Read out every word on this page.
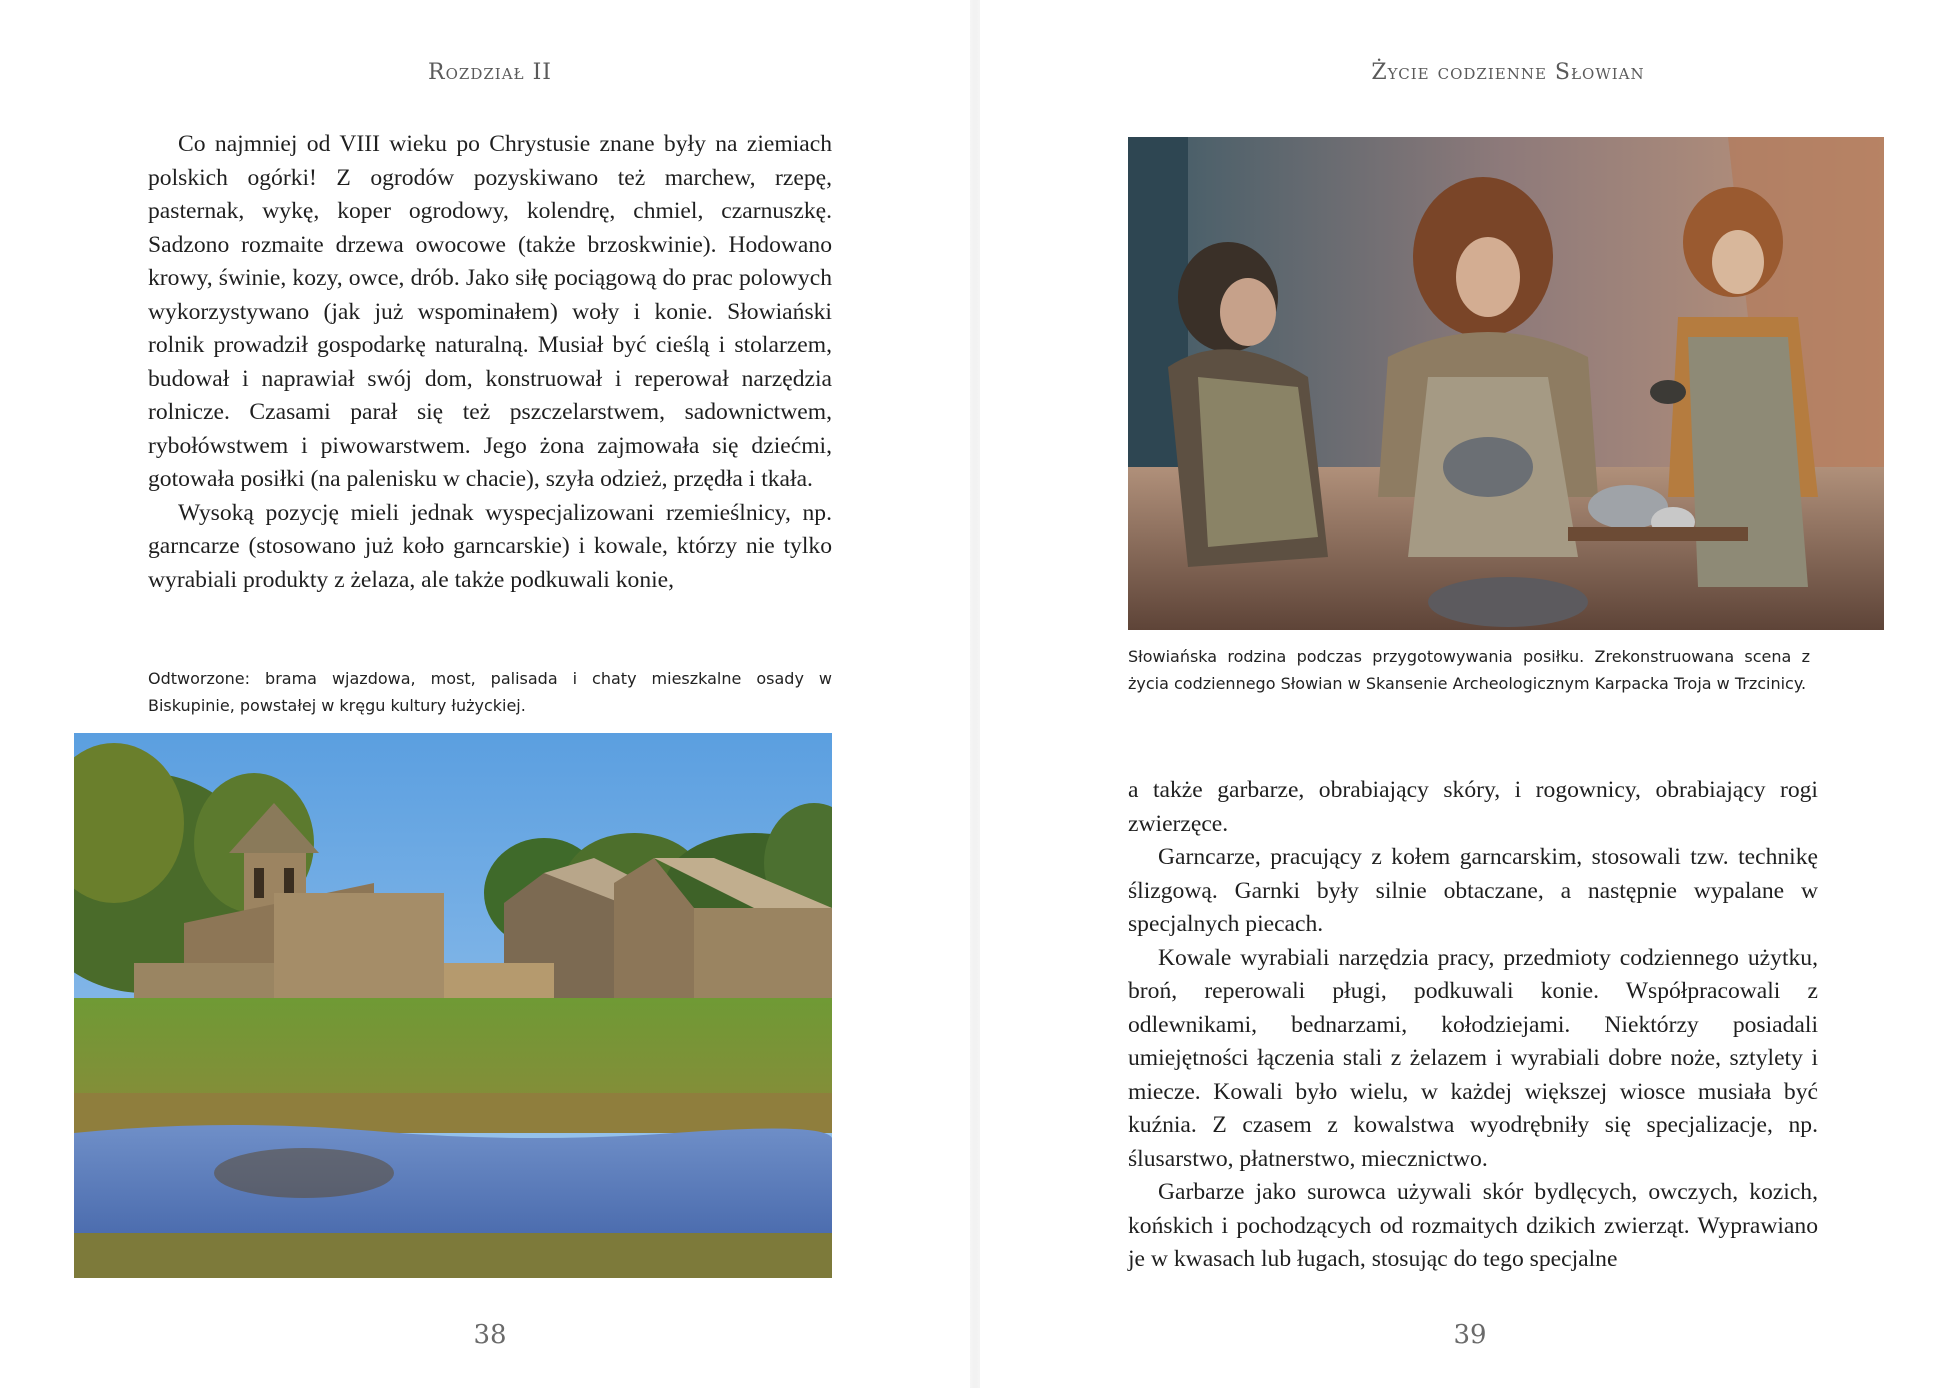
Rozdział II

Co najmniej od VIII wieku po Chrystusie znane były na ziemiach polskich ogórki! Z ogrodów pozyskiwano też marchew, rzepę, pasternak, wykę, koper ogrodowy, kolendrę, chmiel, czarnuszkę. Sadzono rozmaite drzewa owocowe (także brzoskwinie). Hodowano krowy, świnie, kozy, owce, drób. Jako siłę pociągową do prac polowych wykorzystywano (jak już wspominałem) woły i konie. Słowiański rolnik prowadził gospodarkę naturalną. Musiał być cieślą i stolarzem, budował i naprawiał swój dom, konstruował i reperował narzędzia rolnicze. Czasami parał się też pszczelarstwem, sadownictwem, rybołówstwem i piwowarstwem. Jego żona zajmowała się dziećmi, gotowała posiłki (na palenisku w chacie), szyła odzież, przędła i tkała.

Wysoką pozycję mieli jednak wyspecjalizowani rzemieślnicy, np. garncarze (stosowano już koło garncarskie) i kowale, którzy nie tylko wyrabiali produkty z żelaza, ale także podkuwali konie,

Odtworzone: brama wjazdowa, most, palisada i chaty mieszkalne osady w Biskupinie, powstałej w kręgu kultury łużyckiej.
38
Życie codzienne Słowian
Słowiańska rodzina podczas przygotowywania posiłku. Zrekonstruowana scena z życia codziennego Słowian w Skansenie Archeologicznym Karpacka Troja w Trzcinicy.

a także garbarze, obrabiający skóry, i rogownicy, obrabiający rogi zwierzęce.

Garncarze, pracujący z kołem garncarskim, stosowali tzw. technikę ślizgową. Garnki były silnie obtaczane, a następnie wypalane w specjalnych piecach.

Kowale wyrabiali narzędzia pracy, przedmioty codziennego użytku, broń, reperowali pługi, podkuwali konie. Współpracowali z odlewnikami, bednarzami, kołodziejami. Niektórzy posiadali umiejętności łączenia stali z żelazem i wyrabiali dobre noże, sztylety i miecze. Kowali było wielu, w każdej większej wiosce musiała być kuźnia. Z czasem z kowalstwa wyodrębniły się specjalizacje, np. ślusarstwo, płatnerstwo, miecznictwo.

Garbarze jako surowca używali skór bydlęcych, owczych, kozich, końskich i pochodzących od rozmaitych dzikich zwierząt. Wyprawiano je w kwasach lub ługach, stosując do tego specjalne

39
